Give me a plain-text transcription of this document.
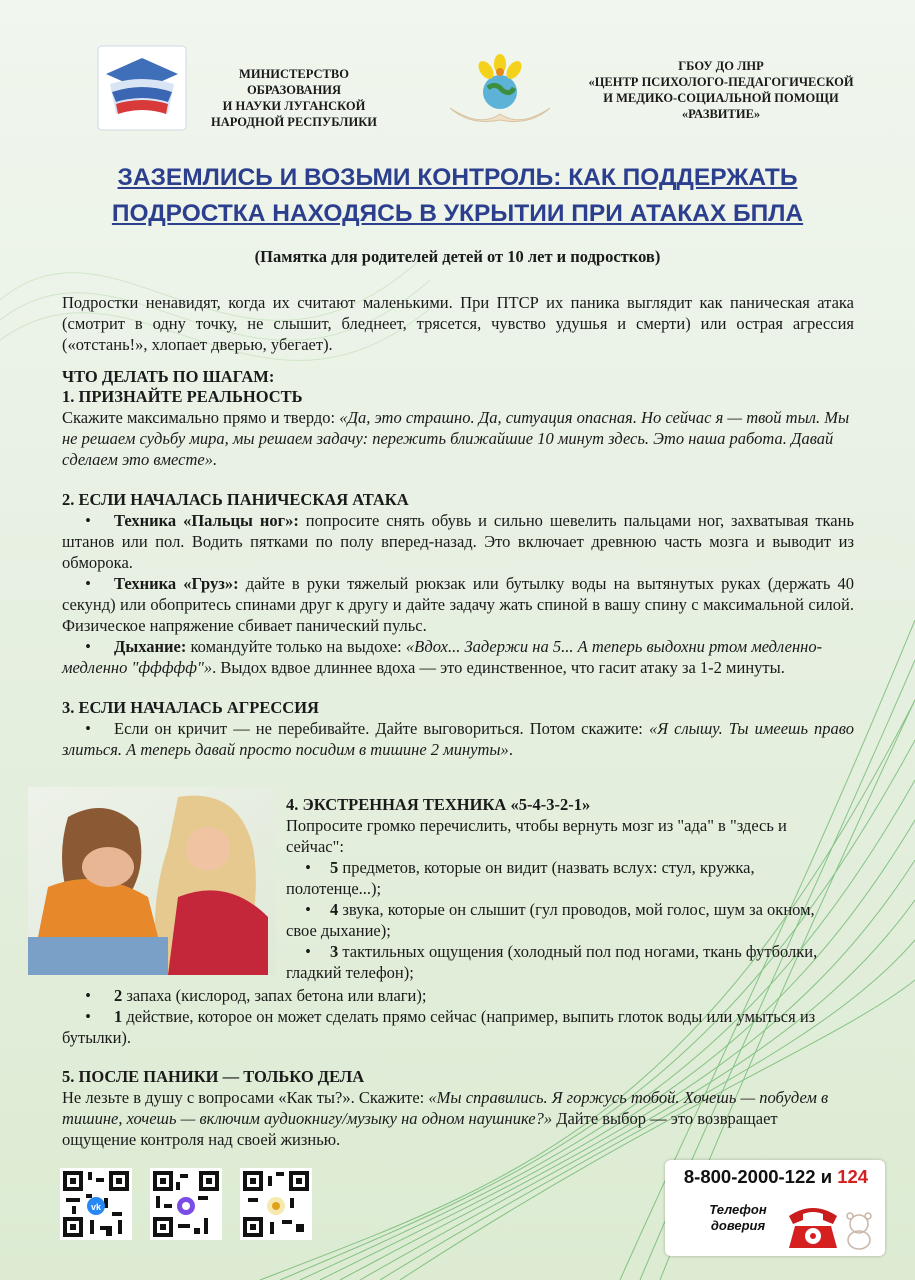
МИНИСТЕРСТВО ОБРАЗОВАНИЯ
И НАУКИ ЛУГАНСКОЙ
НАРОДНОЙ РЕСПУБЛИКИ
ГБОУ ДО ЛНР
«ЦЕНТР ПСИХОЛОГО-ПЕДАГОГИЧЕСКОЙ
И МЕДИКО-СОЦИАЛЬНОЙ ПОМОЩИ
«РАЗВИТИЕ»
ЗАЗЕМЛИСЬ И ВОЗЬМИ КОНТРОЛЬ: КАК ПОДДЕРЖАТЬ
ПОДРОСТКА НАХОДЯСЬ В УКРЫТИИ ПРИ АТАКАХ БПЛА
(Памятка для родителей детей от 10 лет и подростков)

Подростки ненавидят, когда их считают маленькими. При ПТСР их паника выглядит как паническая атака (смотрит в одну точку, не слышит, бледнеет, трясется, чувство удушья и смерти) или острая агрессия («отстань!», хлопает дверью, убегает).

ЧТО ДЕЛАТЬ ПО ШАГАМ:

1. ПРИЗНАЙТЕ РЕАЛЬНОСТЬ

Скажите максимально прямо и твердо: «Да, это страшно. Да, ситуация опасная. Но сейчас я — твой тыл. Мы не решаем судьбу мира, мы решаем задачу: пережить ближайшие 10 минут здесь. Это наша работа. Давай сделаем это вместе».

2. ЕСЛИ НАЧАЛАСЬ ПАНИЧЕСКАЯ АТАКА

• Техника «Пальцы ног»: попросите снять обувь и сильно шевелить пальцами ног, захватывая ткань штанов или пол. Водить пятками по полу вперед-назад. Это включает древнюю часть мозга и выводит из обморока.

• Техника «Груз»: дайте в руки тяжелый рюкзак или бутылку воды на вытянутых руках (держать 40 секунд) или обопритесь спинами друг к другу и дайте задачу жать спиной в вашу спину с максимальной силой. Физическое напряжение сбивает панический пульс.

• Дыхание: командуйте только на выдохе: «Вдох... Задержи на 5... А теперь выдохни ртом медленно-медленно "ффффф"». Выдох вдвое длиннее вдоха — это единственное, что гасит атаку за 1-2 минуты.

3. ЕСЛИ НАЧАЛАСЬ АГРЕССИЯ

• Если он кричит — не перебивайте. Дайте выговориться. Потом скажите: «Я слышу. Ты имеешь право злиться. А теперь давай просто посидим в тишине 2 минуты».

4. ЭКСТРЕННАЯ ТЕХНИКА «5-4-3-2-1»

Попросите громко перечислить, чтобы вернуть мозг из "ада" в "здесь и сейчас":

• 5 предметов, которые он видит (назвать вслух: стул, кружка, полотенце...);

• 4 звука, которые он слышит (гул проводов, мой голос, шум за окном, свое дыхание);

• 3 тактильных ощущения (холодный пол под ногами, ткань футболки, гладкий телефон);

• 2 запаха (кислород, запах бетона или влаги);

• 1 действие, которое он может сделать прямо сейчас (например, выпить глоток воды или умыться из бутылки).

5. ПОСЛЕ ПАНИКИ — ТОЛЬКО ДЕЛА

Не лезьте в душу с вопросами «Как ты?». Скажите: «Мы справились. Я горжусь тобой. Хочешь — побудем в тишине, хочешь — включим аудиокнигу/музыку на одном наушнике?» Дайте выбор — это возвращает ощущение контроля над своей жизнью.

vk
8-800-2000-122 и 124
Телефон
доверия
